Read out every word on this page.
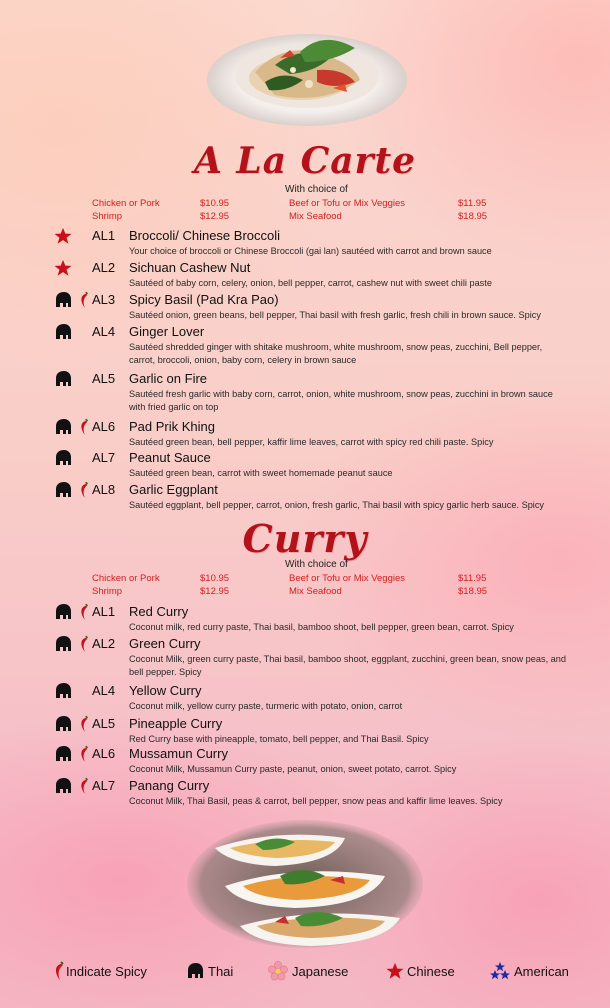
A La Carte
With choice of
Chicken or Pork	$10.95	Beef or Tofu or Mix Veggies	$11.95
Shrimp	$12.95	Mix Seafood	$18.95
AL1 Broccoli/ Chinese Broccoli
Your choice of broccoli or Chinese Broccoli (gai lan) sautéed with carrot and brown sauce
AL2 Sichuan Cashew Nut
Sautéed of baby corn, celery, onion, bell pepper, carrot, cashew nut with sweet chili paste
AL3 Spicy Basil (Pad Kra Pao)
Sautéed onion, green beans, bell pepper, Thai basil with fresh garlic, fresh chili in brown sauce. Spicy
AL4 Ginger Lover
Sautéed shredded ginger with shitake mushroom, white mushroom, snow peas, zucchini, Bell pepper, carrot, broccoli, onion, baby corn, celery in brown sauce
AL5 Garlic on Fire
Sautéed fresh garlic with baby corn, carrot, onion, white mushroom, snow peas, zucchini in brown sauce with fried garlic on top
AL6 Pad Prik Khing
Sautéed green bean, bell pepper, kaffir lime leaves, carrot with spicy red chili paste. Spicy
AL7 Peanut Sauce
Sautéed green bean, carrot with sweet homemade peanut sauce
AL8 Garlic Eggplant
Sautéed eggplant, bell pepper, carrot, onion, fresh garlic, Thai basil with spicy garlic herb sauce. Spicy
Curry
With choice of
Chicken or Pork	$10.95	Beef or Tofu or Mix Veggies	$11.95
Shrimp	$12.95	Mix Seafood	$18.95
AL1 Red Curry
Coconut milk, red curry paste, Thai basil, bamboo shoot, bell pepper, green bean, carrot. Spicy
AL2 Green Curry
Coconut Milk, green curry paste, Thai basil, bamboo shoot, eggplant, zucchini, green bean, snow peas, and bell pepper. Spicy
AL4 Yellow Curry
Coconut milk, yellow curry paste, turmeric with potato, onion, carrot
AL5 Pineapple Curry
Red Curry base with pineapple, tomato, bell pepper, and Thai Basil. Spicy
AL6 Mussamun Curry
Coconut Milk, Mussamun Curry paste, peanut, onion, sweet potato, carrot. Spicy
AL7 Panang Curry
Coconut Milk, Thai Basil, peas & carrot, bell pepper, snow peas and kaffir lime leaves. Spicy
Indicate Spicy	Thai	Japanese	Chinese	American
